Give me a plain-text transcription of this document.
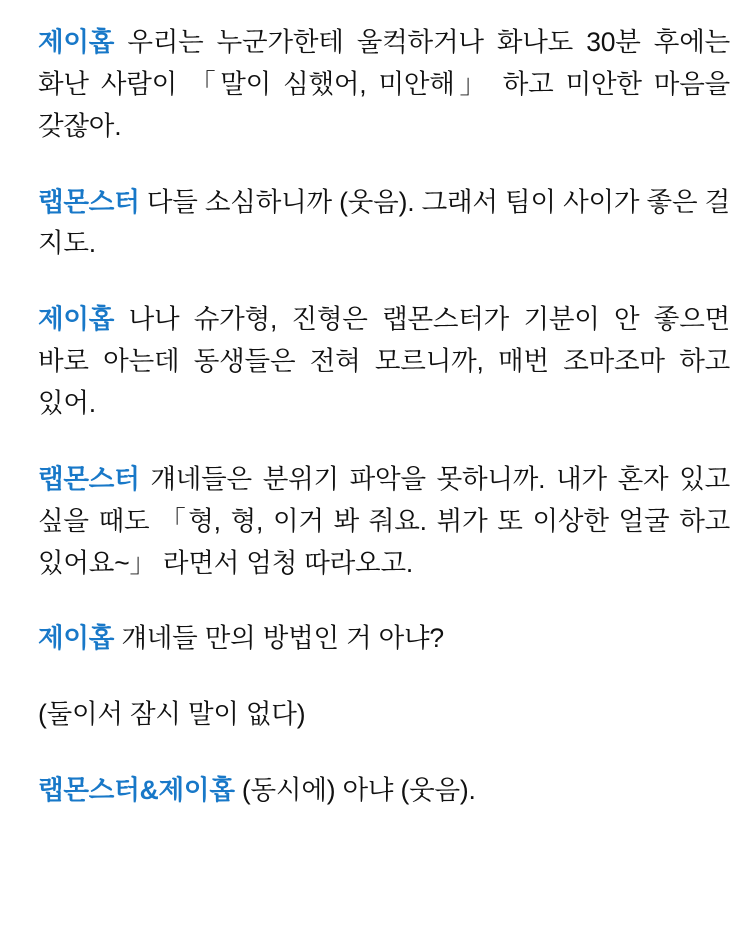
제이홉 우리는 누군가한테 울컥하거나 화나도 30분 후에는 화난 사람이 「말이 심했어, 미안해」 하고 미안한 마음을 갖잖아.

랩몬스터 다들 소심하니까 (웃음). 그래서 팀이 사이가 좋은 걸 지도.

제이홉 나나 슈가형, 진형은 랩몬스터가 기분이 안 좋으면 바로 아는데 동생들은 전혀 모르니까, 매번 조마조마 하고 있어.

랩몬스터 걔네들은 분위기 파악을 못하니까. 내가 혼자 있고 싶을 때도 「형, 형, 이거 봐 줘요. 뷔가 또 이상한 얼굴 하고 있어요~」 라면서 엄청 따라오고.

제이홉 걔네들 만의 방법인 거 아냐?

(둘이서 잠시 말이 없다)

랩몬스터&제이홉 (동시에) 아냐 (웃음).
